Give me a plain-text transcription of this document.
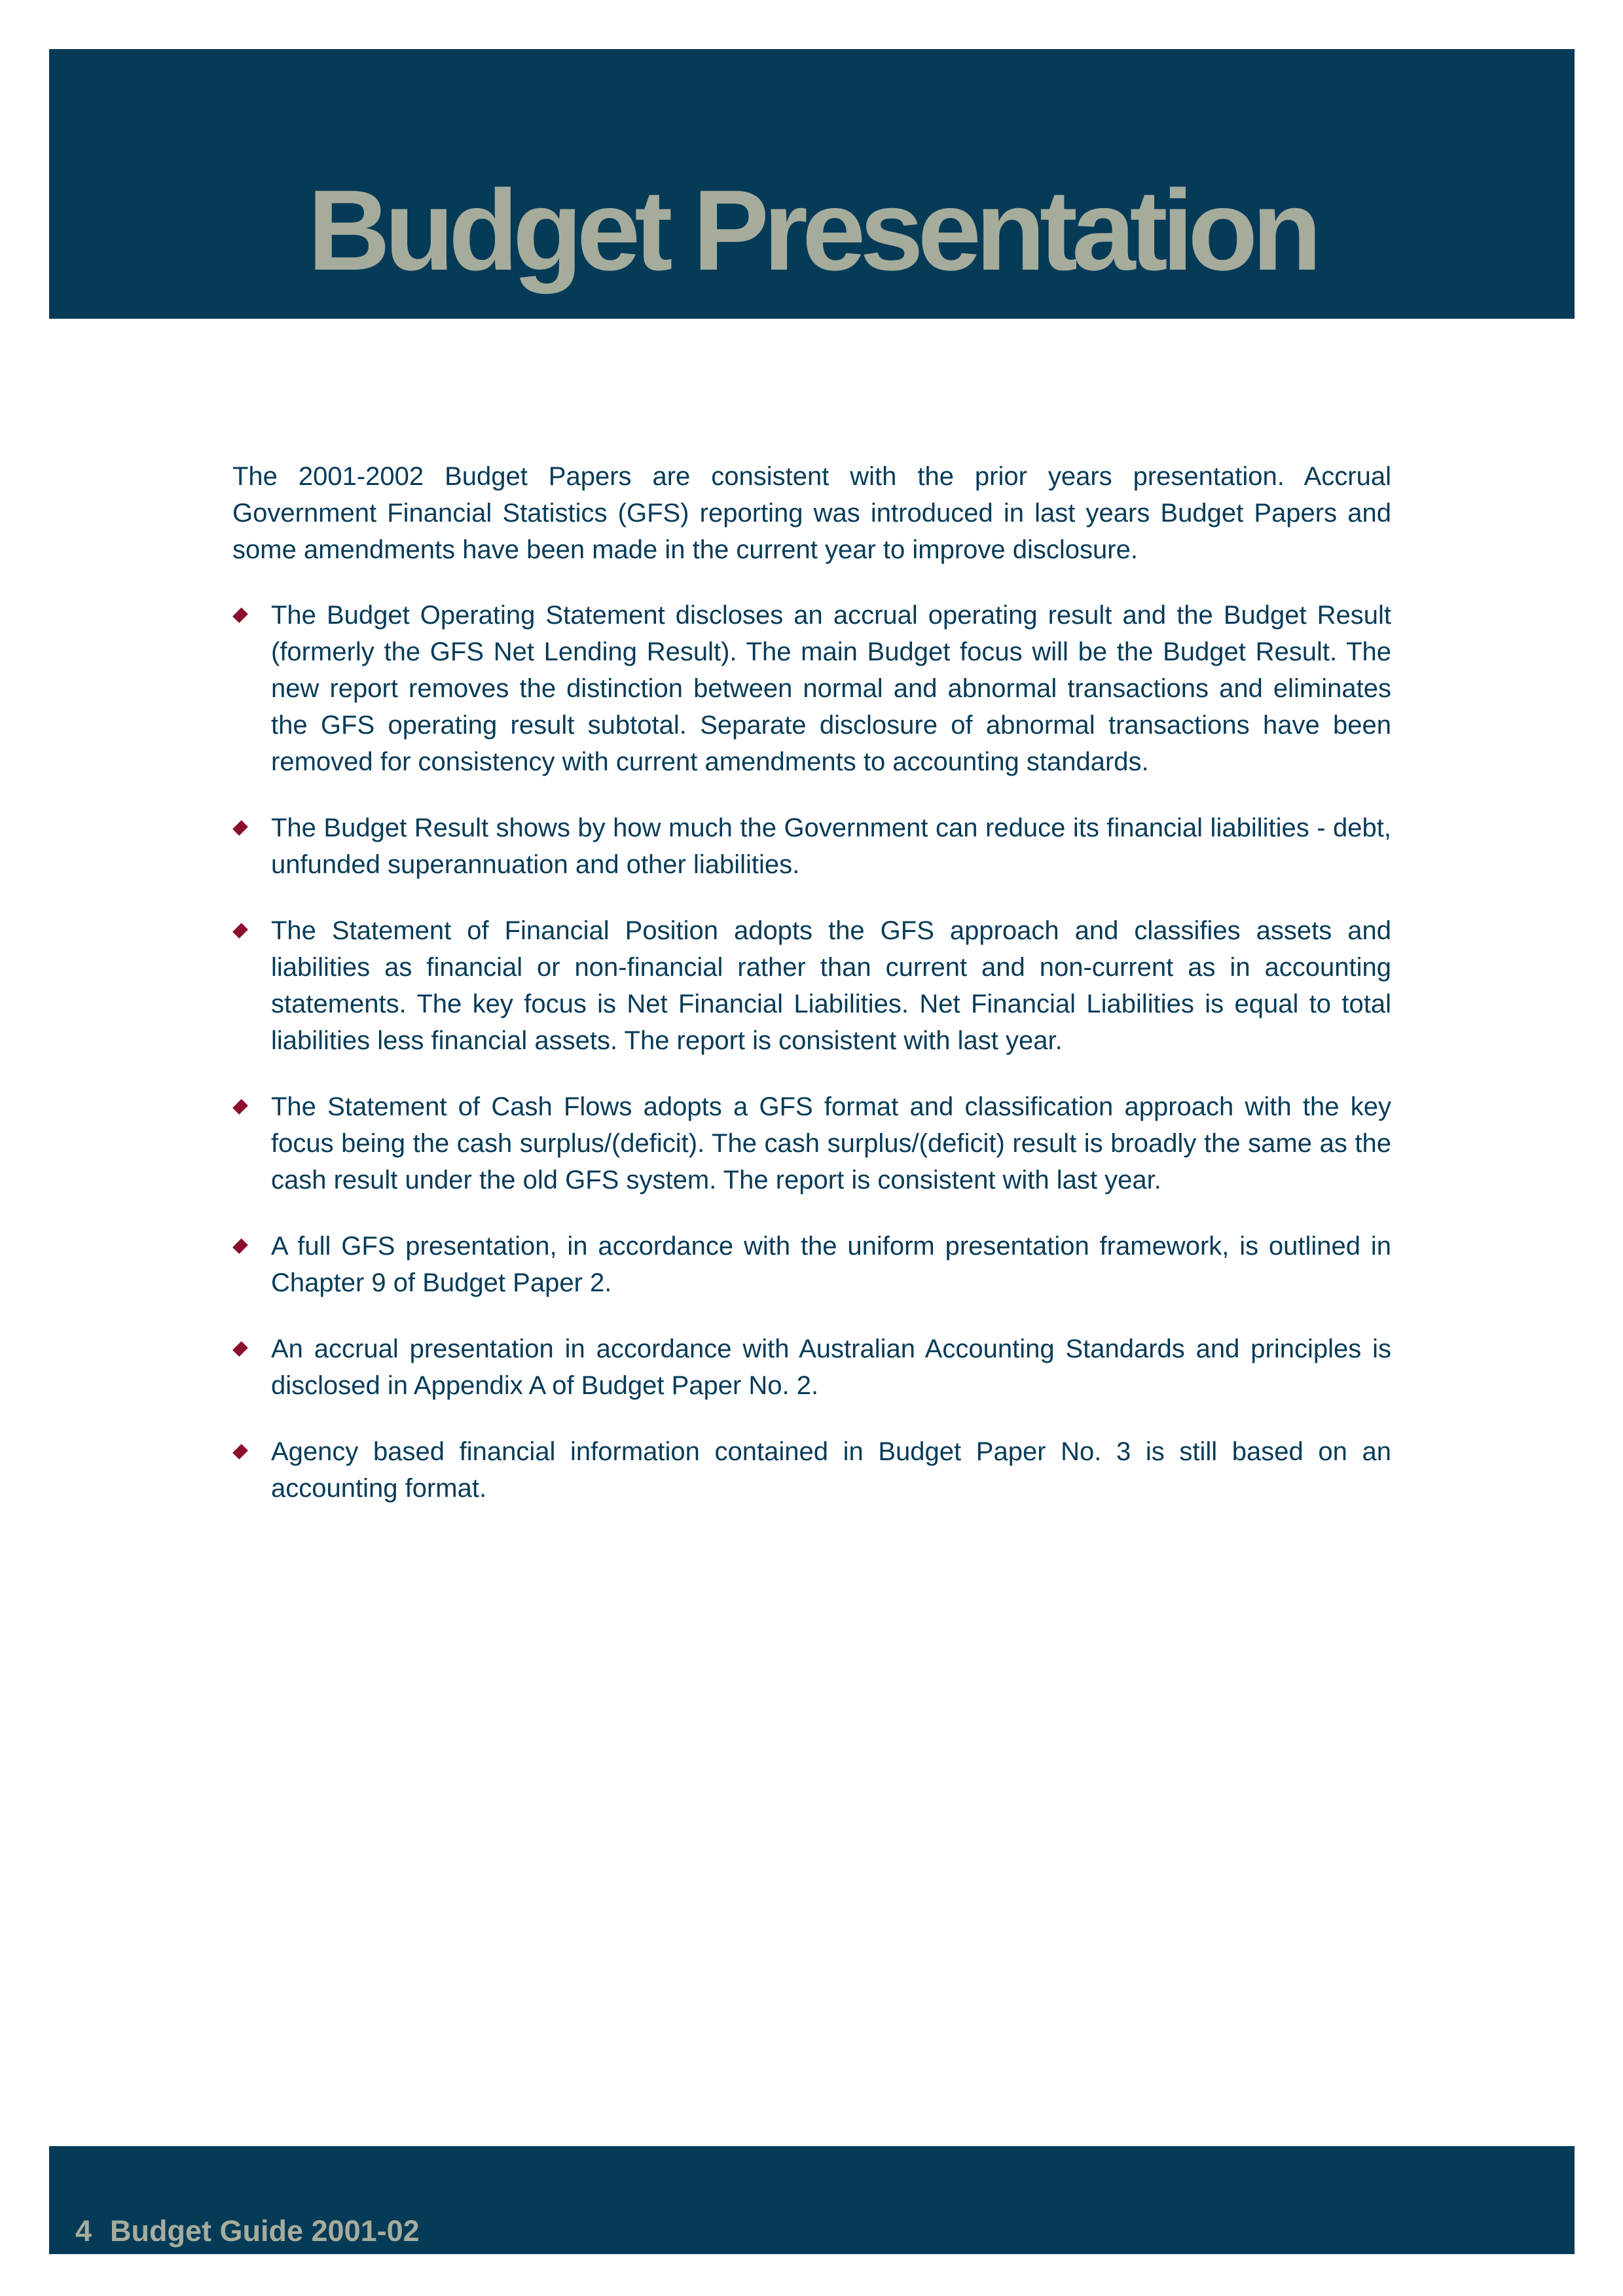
Budget Presentation

The 2001-2002 Budget Papers are consistent with the prior years presentation. Accrual Government Financial Statistics (GFS) reporting was introduced in last years Budget Papers and some amendments have been made in the current year to improve disclosure.

The Budget Operating Statement discloses an accrual operating result and the Budget Result (formerly the GFS Net Lending Result). The main Budget focus will be the Budget Result. The new report removes the distinction between normal and abnormal transactions and eliminates the GFS operating result subtotal. Separate disclosure of abnormal transactions have been removed for consistency with current amendments to accounting standards.
The Budget Result shows by how much the Government can reduce its financial liabilities - debt, unfunded superannuation and other liabilities.
The Statement of Financial Position adopts the GFS approach and classifies assets and liabilities as financial or non-financial rather than current and non-current as in accounting statements. The key focus is Net Financial Liabilities. Net Financial Liabilities is equal to total liabilities less financial assets. The report is consistent with last year.
The Statement of Cash Flows adopts a GFS format and classification approach with the key focus being the cash surplus/(deficit). The cash surplus/(deficit) result is broadly the same as the cash result under the old GFS system. The report is consistent with last year.
A full GFS presentation, in accordance with the uniform presentation framework, is outlined in Chapter 9 of Budget Paper 2.
An accrual presentation in accordance with Australian Accounting Standards and principles is disclosed in Appendix A of Budget Paper No. 2.
Agency based financial information contained in Budget Paper No. 3 is still based on an accounting format.
4 Budget Guide 2001-02
